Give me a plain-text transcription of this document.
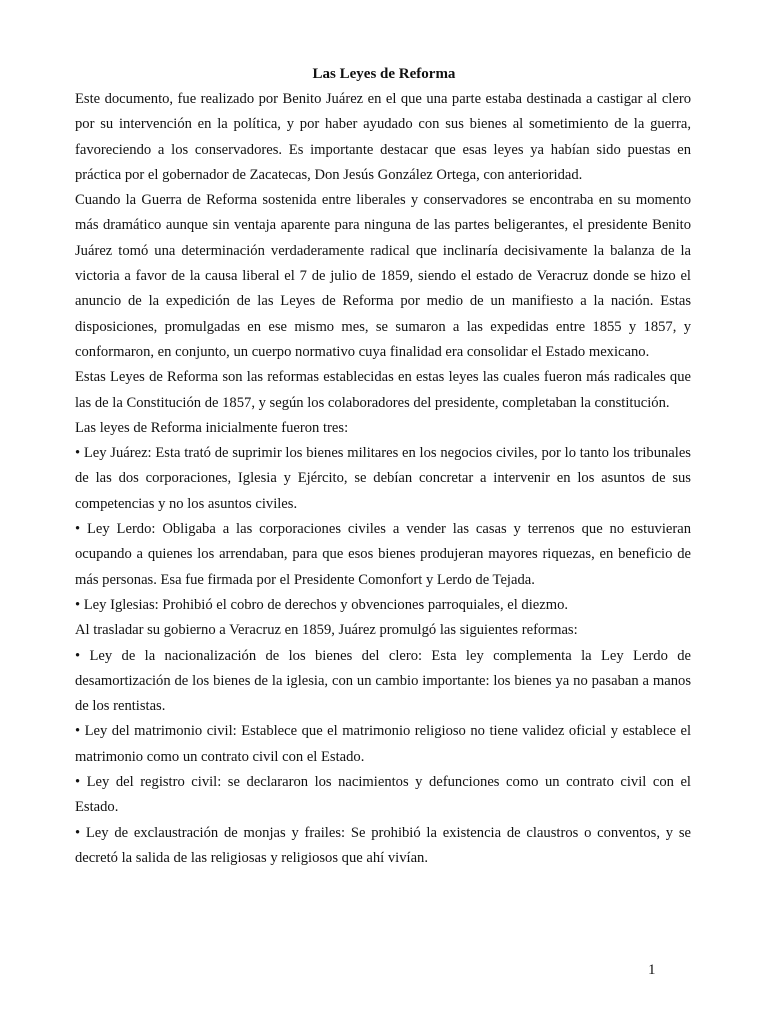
Las Leyes de Reforma

Este documento, fue realizado por Benito Juárez en el que una parte estaba destinada a castigar al clero por su intervención en la política, y por haber ayudado con sus bienes al sometimiento de la guerra, favoreciendo a los conservadores. Es importante destacar que esas leyes ya habían sido puestas en práctica por el gobernador de Zacatecas, Don Jesús González Ortega, con anterioridad.

Cuando la Guerra de Reforma sostenida entre liberales y conservadores se encontraba en su momento más dramático aunque sin ventaja aparente para ninguna de las partes beligerantes, el presidente Benito Juárez tomó una determinación verdaderamente radical que inclinaría decisivamente la balanza de la victoria a favor de la causa liberal el 7 de julio de 1859, siendo el estado de Veracruz donde se hizo el anuncio de la expedición de las Leyes de Reforma por medio de un manifiesto a la nación. Estas disposiciones, promulgadas en ese mismo mes, se sumaron a las expedidas entre 1855 y 1857, y conformaron, en conjunto, un cuerpo normativo cuya finalidad era consolidar el Estado mexicano.

Estas Leyes de Reforma son las reformas establecidas en estas leyes las cuales fueron más radicales que las de la Constitución de 1857, y según los colaboradores del presidente, completaban la constitución.

Las leyes de Reforma inicialmente fueron tres:

• Ley Juárez: Esta trató de suprimir los bienes militares en los negocios civiles, por lo tanto los tribunales de las dos corporaciones, Iglesia y Ejército, se debían concretar a intervenir en los asuntos de sus competencias y no los asuntos civiles.

• Ley Lerdo: Obligaba a las corporaciones civiles a vender las casas y terrenos que no estuvieran ocupando a quienes los arrendaban, para que esos bienes produjeran mayores riquezas, en beneficio de más personas. Esa fue firmada por el Presidente Comonfort y Lerdo de Tejada.

• Ley Iglesias: Prohibió el cobro de derechos y obvenciones parroquiales, el diezmo.

Al trasladar su gobierno a Veracruz en 1859, Juárez promulgó las siguientes reformas:

• Ley de la nacionalización de los bienes del clero: Esta ley complementa la Ley Lerdo de desamortización de los bienes de la iglesia, con un cambio importante: los bienes ya no pasaban a manos de los rentistas.

• Ley del matrimonio civil: Establece que el matrimonio religioso no tiene validez oficial y establece el matrimonio como un contrato civil con el Estado.

• Ley del registro civil: se declararon los nacimientos y defunciones como un contrato civil con el Estado.

• Ley de exclaustración de monjas y frailes: Se prohibió la existencia de claustros o conventos, y se decretó la salida de las religiosas y religiosos que ahí vivían.

1
